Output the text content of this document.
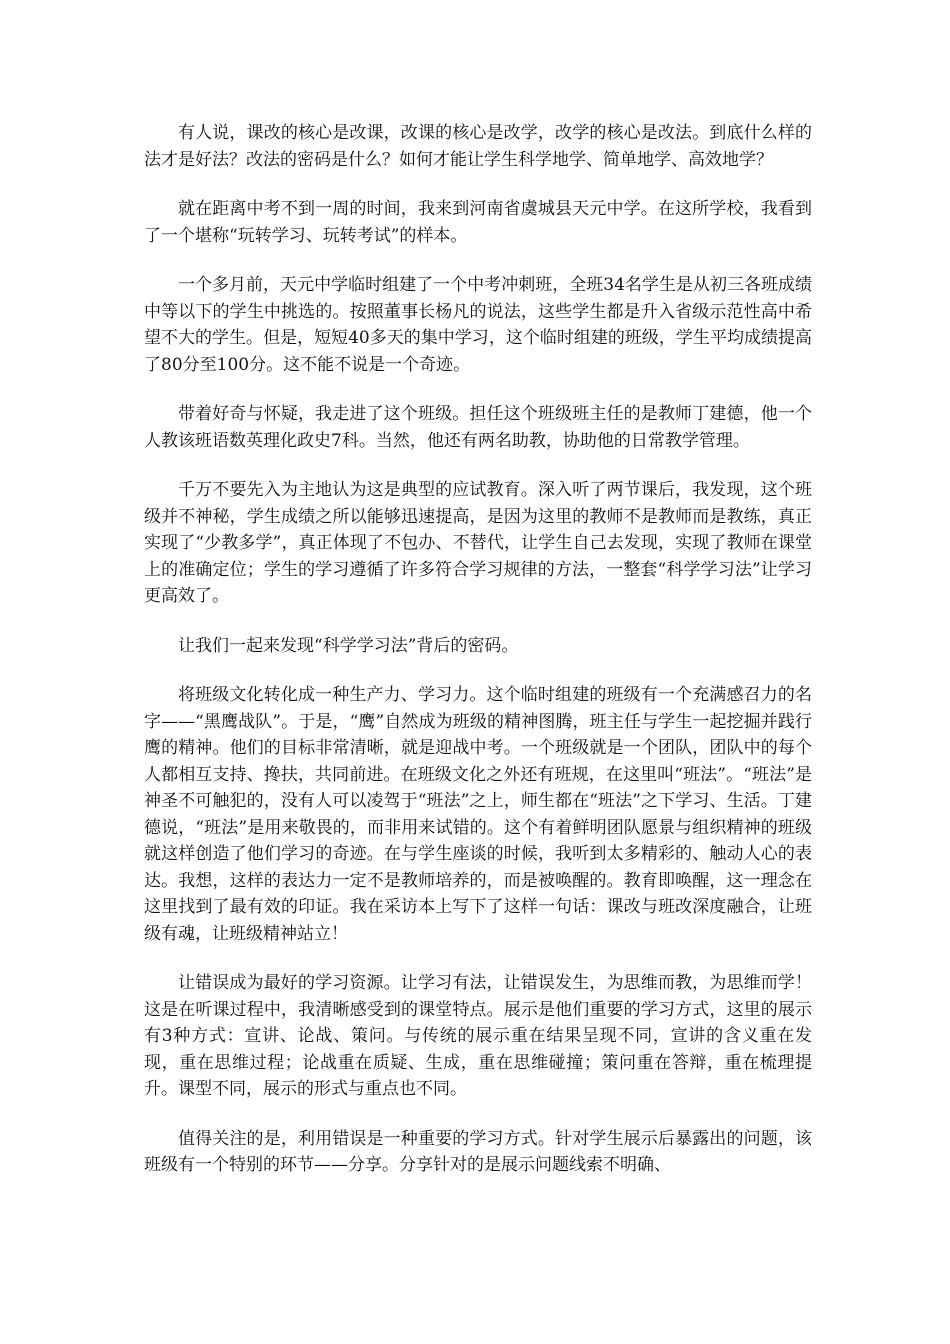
有人说，课改的核心是改课，改课的核心是改学，改学的核心是改法。到底什么样的法才是好法？改法的密码是什么？如何才能让学生科学地学、简单地学、高效地学？

就在距离中考不到一周的时间，我来到河南省虞城县天元中学。在这所学校，我看到了一个堪称“玩转学习、玩转考试”的样本。

一个多月前，天元中学临时组建了一个中考冲刺班，全班34名学生是从初三各班成绩中等以下的学生中挑选的。按照董事长杨凡的说法，这些学生都是升入省级示范性高中希望不大的学生。但是，短短40多天的集中学习，这个临时组建的班级，学生平均成绩提高了80分至100分。这不能不说是一个奇迹。

带着好奇与怀疑，我走进了这个班级。担任这个班级班主任的是教师丁建德，他一个人教该班语数英理化政史7科。当然，他还有两名助教，协助他的日常教学管理。

千万不要先入为主地认为这是典型的应试教育。深入听了两节课后，我发现，这个班级并不神秘，学生成绩之所以能够迅速提高，是因为这里的教师不是教师而是教练，真正实现了“少教多学”，真正体现了不包办、不替代，让学生自己去发现，实现了教师在课堂上的准确定位；学生的学习遵循了许多符合学习规律的方法，一整套“科学学习法”让学习更高效了。

让我们一起来发现“科学学习法”背后的密码。

将班级文化转化成一种生产力、学习力。这个临时组建的班级有一个充满感召力的名字——“黑鹰战队”。于是，“鹰”自然成为班级的精神图腾，班主任与学生一起挖掘并践行鹰的精神。他们的目标非常清晰，就是迎战中考。一个班级就是一个团队，团队中的每个人都相互支持、搀扶，共同前进。在班级文化之外还有班规，在这里叫“班法”。“班法”是神圣不可触犯的，没有人可以凌驾于“班法”之上，师生都在“班法”之下学习、生活。丁建德说，“班法”是用来敬畏的，而非用来试错的。这个有着鲜明团队愿景与组织精神的班级就这样创造了他们学习的奇迹。在与学生座谈的时候，我听到太多精彩的、触动人心的表达。我想，这样的表达力一定不是教师培养的，而是被唤醒的。教育即唤醒，这一理念在这里找到了最有效的印证。我在采访本上写下了这样一句话：课改与班改深度融合，让班级有魂，让班级精神站立！

让错误成为最好的学习资源。让学习有法，让错误发生，为思维而教，为思维而学！这是在听课过程中，我清晰感受到的课堂特点。展示是他们重要的学习方式，这里的展示有3种方式：宣讲、论战、策问。与传统的展示重在结果呈现不同，宣讲的含义重在发现，重在思维过程；论战重在质疑、生成，重在思维碰撞；策问重在答辩，重在梳理提升。课型不同，展示的形式与重点也不同。

值得关注的是，利用错误是一种重要的学习方式。针对学生展示后暴露出的问题，该班级有一个特别的环节——分享。分享针对的是展示问题线索不明确、
